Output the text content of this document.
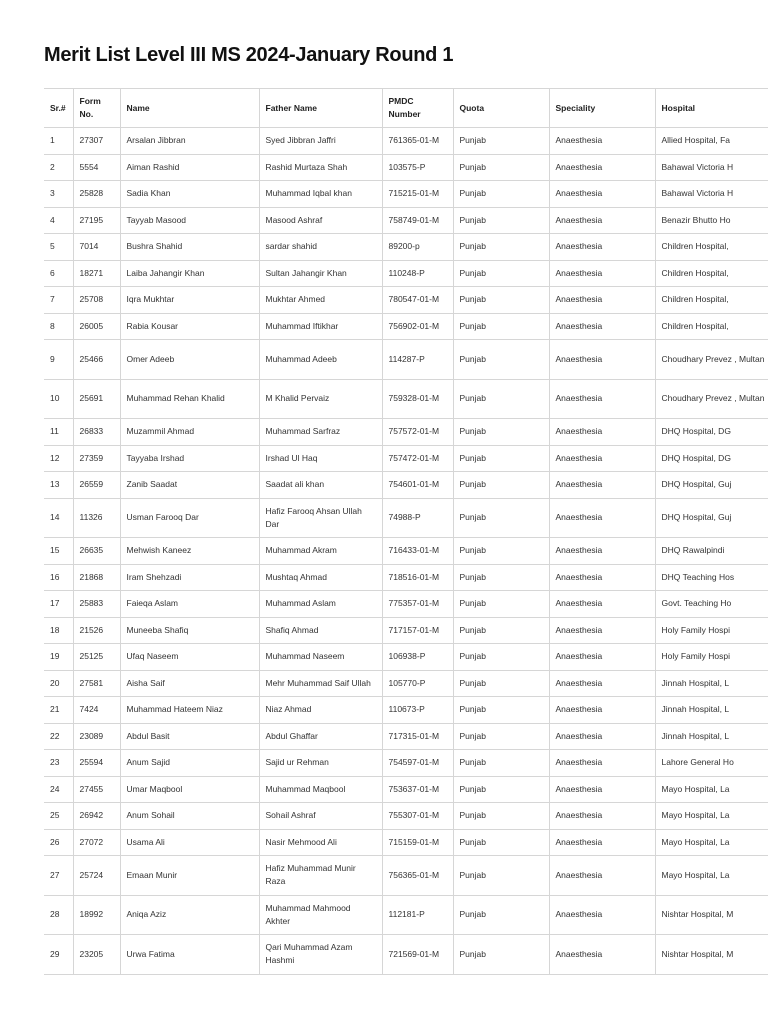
Merit List Level III MS 2024-January Round 1
Sr.#	Form No.	Name	Father Name	PMDC Number	Quota	Speciality	Hospital
1	27307	Arsalan Jibbran	Syed Jibbran Jaffri	761365-01-M	Punjab	Anaesthesia	Allied Hospital, Fa
2	5554	Aiman Rashid	Rashid Murtaza Shah	103575-P	Punjab	Anaesthesia	Bahawal Victoria H
3	25828	Sadia Khan	Muhammad Iqbal khan	715215-01-M	Punjab	Anaesthesia	Bahawal Victoria H
4	27195	Tayyab Masood	Masood Ashraf	758749-01-M	Punjab	Anaesthesia	Benazir Bhutto Ho
5	7014	Bushra Shahid	sardar shahid	89200-p	Punjab	Anaesthesia	Children Hospital,
6	18271	Laiba Jahangir Khan	Sultan Jahangir Khan	110248-P	Punjab	Anaesthesia	Children Hospital,
7	25708	Iqra Mukhtar	Mukhtar Ahmed	780547-01-M	Punjab	Anaesthesia	Children Hospital,
8	26005	Rabia Kousar	Muhammad Iftikhar	756902-01-M	Punjab	Anaesthesia	Children Hospital,
9	25466	Omer Adeeb	Muhammad Adeeb	114287-P	Punjab	Anaesthesia	Choudhary Prevez , Multan
10	25691	Muhammad Rehan Khalid	M Khalid Pervaiz	759328-01-M	Punjab	Anaesthesia	Choudhary Prevez , Multan
11	26833	Muzammil Ahmad	Muhammad Sarfraz	757572-01-M	Punjab	Anaesthesia	DHQ Hospital, DG
12	27359	Tayyaba Irshad	Irshad Ul Haq	757472-01-M	Punjab	Anaesthesia	DHQ Hospital, DG
13	26559	Zanib Saadat	Saadat ali khan	754601-01-M	Punjab	Anaesthesia	DHQ Hospital, Guj
14	11326	Usman Farooq Dar	Hafiz Farooq Ahsan Ullah Dar	74988-P	Punjab	Anaesthesia	DHQ Hospital, Guj
15	26635	Mehwish Kaneez	Muhammad Akram	716433-01-M	Punjab	Anaesthesia	DHQ Rawalpindi
16	21868	Iram Shehzadi	Mushtaq Ahmad	718516-01-M	Punjab	Anaesthesia	DHQ Teaching Hos
17	25883	Faieqa Aslam	Muhammad Aslam	775357-01-M	Punjab	Anaesthesia	Govt. Teaching Ho
18	21526	Muneeba Shafiq	Shafiq Ahmad	717157-01-M	Punjab	Anaesthesia	Holy Family Hospi
19	25125	Ufaq Naseem	Muhammad Naseem	106938-P	Punjab	Anaesthesia	Holy Family Hospi
20	27581	Aisha Saif	Mehr Muhammad Saif Ullah	105770-P	Punjab	Anaesthesia	Jinnah Hospital, L
21	7424	Muhammad Hateem Niaz	Niaz Ahmad	110673-P	Punjab	Anaesthesia	Jinnah Hospital, L
22	23089	Abdul Basit	Abdul Ghaffar	717315-01-M	Punjab	Anaesthesia	Jinnah Hospital, L
23	25594	Anum Sajid	Sajid ur Rehman	754597-01-M	Punjab	Anaesthesia	Lahore General Ho
24	27455	Umar Maqbool	Muhammad Maqbool	753637-01-M	Punjab	Anaesthesia	Mayo Hospital, La
25	26942	Anum Sohail	Sohail Ashraf	755307-01-M	Punjab	Anaesthesia	Mayo Hospital, La
26	27072	Usama Ali	Nasir Mehmood Ali	715159-01-M	Punjab	Anaesthesia	Mayo Hospital, La
27	25724	Emaan Munir	Hafiz Muhammad Munir Raza	756365-01-M	Punjab	Anaesthesia	Mayo Hospital, La
28	18992	Aniqa Aziz	Muhammad Mahmood Akhter	112181-P	Punjab	Anaesthesia	Nishtar Hospital, M
29	23205	Urwa Fatima	Qari Muhammad Azam Hashmi	721569-01-M	Punjab	Anaesthesia	Nishtar Hospital, M
